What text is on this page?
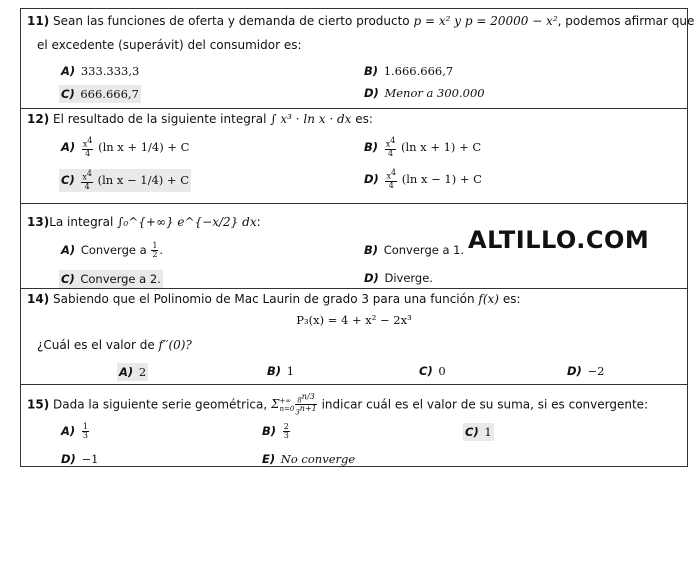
11) Sean las funciones de oferta y demanda de cierto producto p = x² y p = 20000 − x², podemos afirmar que
el excedente (superávit) del consumidor es:
A) 333.333,3	B) 1.666.666,7
C) 666.666,7	D) Menor a 300.000
12) El resultado de la siguiente integral ∫ x³ · ln x · dx es:
$A) \frac{x^4}{4} (\ln$ x + 1/4) + C	$B) \frac{x^4}{4} (\ln$ x + 1) + C
$C) \frac{x^4}{4} (\ln$ x − 1/4) + C	$D) \frac{x^4}{4} (\ln$ x − 1) + C
13)La integral ∫₀^{+∞} e^{−x/2} dx:
A) Converge a $\frac{1}{2}$ .	B) Converge a 1.
C) Converge a 2.	D) Diverge.
14) Sabiendo que el Polinomio de Mac Laurin de grado 3 para una función f(x) es:
P₃(x) = 4 + x² − 2x³
¿Cuál es el valor de f′′(0)?
A) 2	B) 1	C) 0	D) −2
15) Dada la siguiente serie geométrica, Σ+∞
$n=0 \frac{8^{n/3}}{3^{n+1}}$ indicar cuál es el valor de su suma, si es convergente:
$A) \frac{1}{3}$	$B) \frac{2}{3}$	C) 1
D) −1	E) No converge
ALTILLO.COM
